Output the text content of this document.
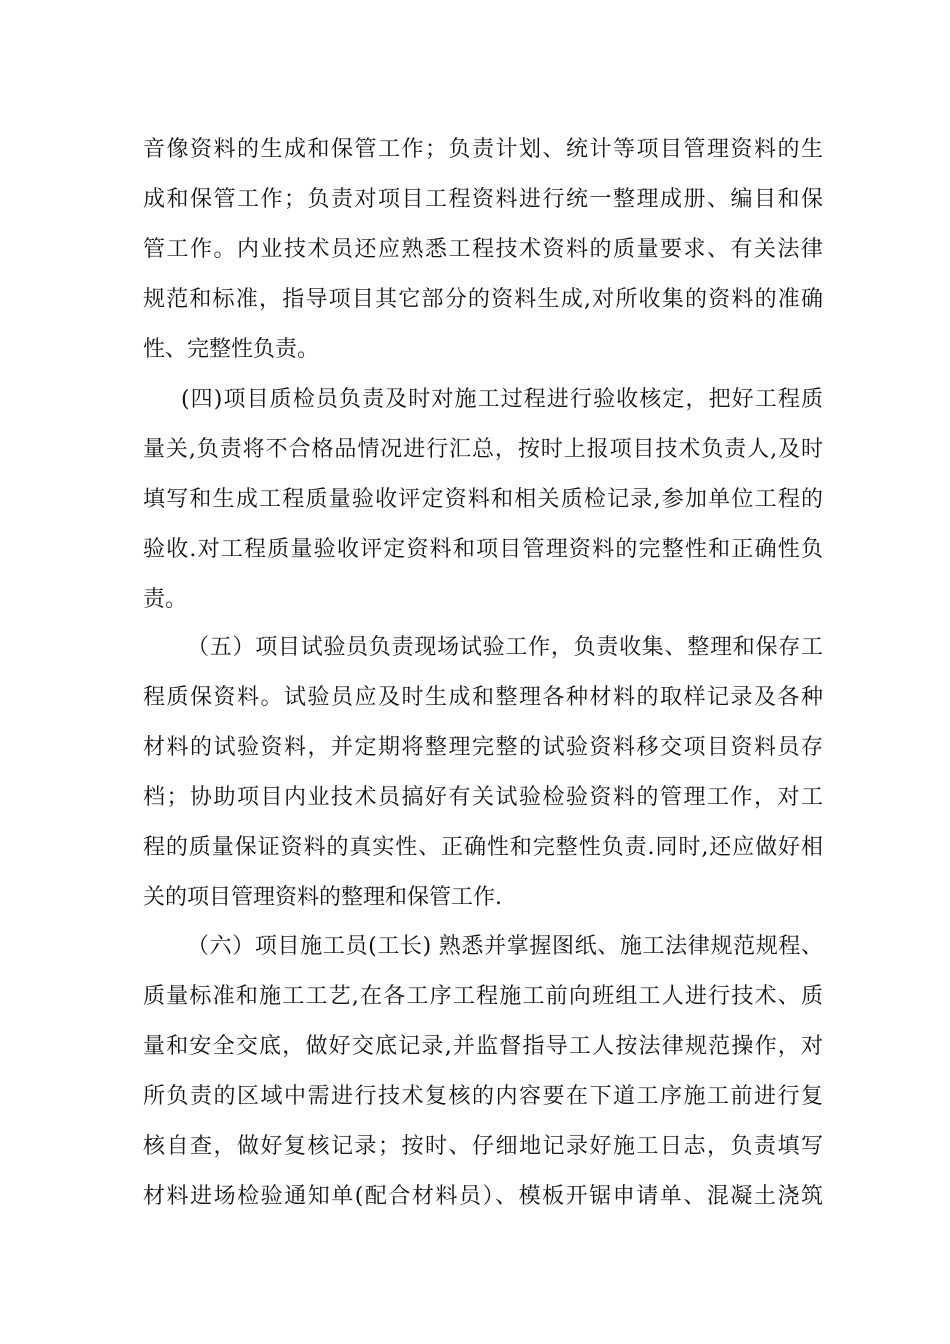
音像资料的生成和保管工作；负责计划、统计等项目管理资料的生

成和保管工作；负责对项目工程资料进行统一整理成册、编目和保

管工作。内业技术员还应熟悉工程技术资料的质量要求、有关法律

规范和标准，指导项目其它部分的资料生成,对所收集的资料的准确

性、完整性负责。

(四)项目质检员负责及时对施工过程进行验收核定，把好工程质

量关,负责将不合格品情况进行汇总，按时上报项目技术负责人,及时

填写和生成工程质量验收评定资料和相关质检记录,参加单位工程的

验收.对工程质量验收评定资料和项目管理资料的完整性和正确性负

责。

（五）项目试验员负责现场试验工作，负责收集、整理和保存工

程质保资料。试验员应及时生成和整理各种材料的取样记录及各种

材料的试验资料，并定期将整理完整的试验资料移交项目资料员存

档；协助项目内业技术员搞好有关试验检验资料的管理工作，对工

程的质量保证资料的真实性、正确性和完整性负责.同时,还应做好相

关的项目管理资料的整理和保管工作.

（六）项目施工员(工长) 熟悉并掌握图纸、施工法律规范规程、

质量标准和施工工艺,在各工序工程施工前向班组工人进行技术、质

量和安全交底，做好交底记录,并监督指导工人按法律规范操作，对

所负责的区域中需进行技术复核的内容要在下道工序施工前进行复

核自查，做好复核记录；按时、仔细地记录好施工日志，负责填写

材料进场检验通知单(配合材料员）、模板开锯申请单、混凝土浇筑
